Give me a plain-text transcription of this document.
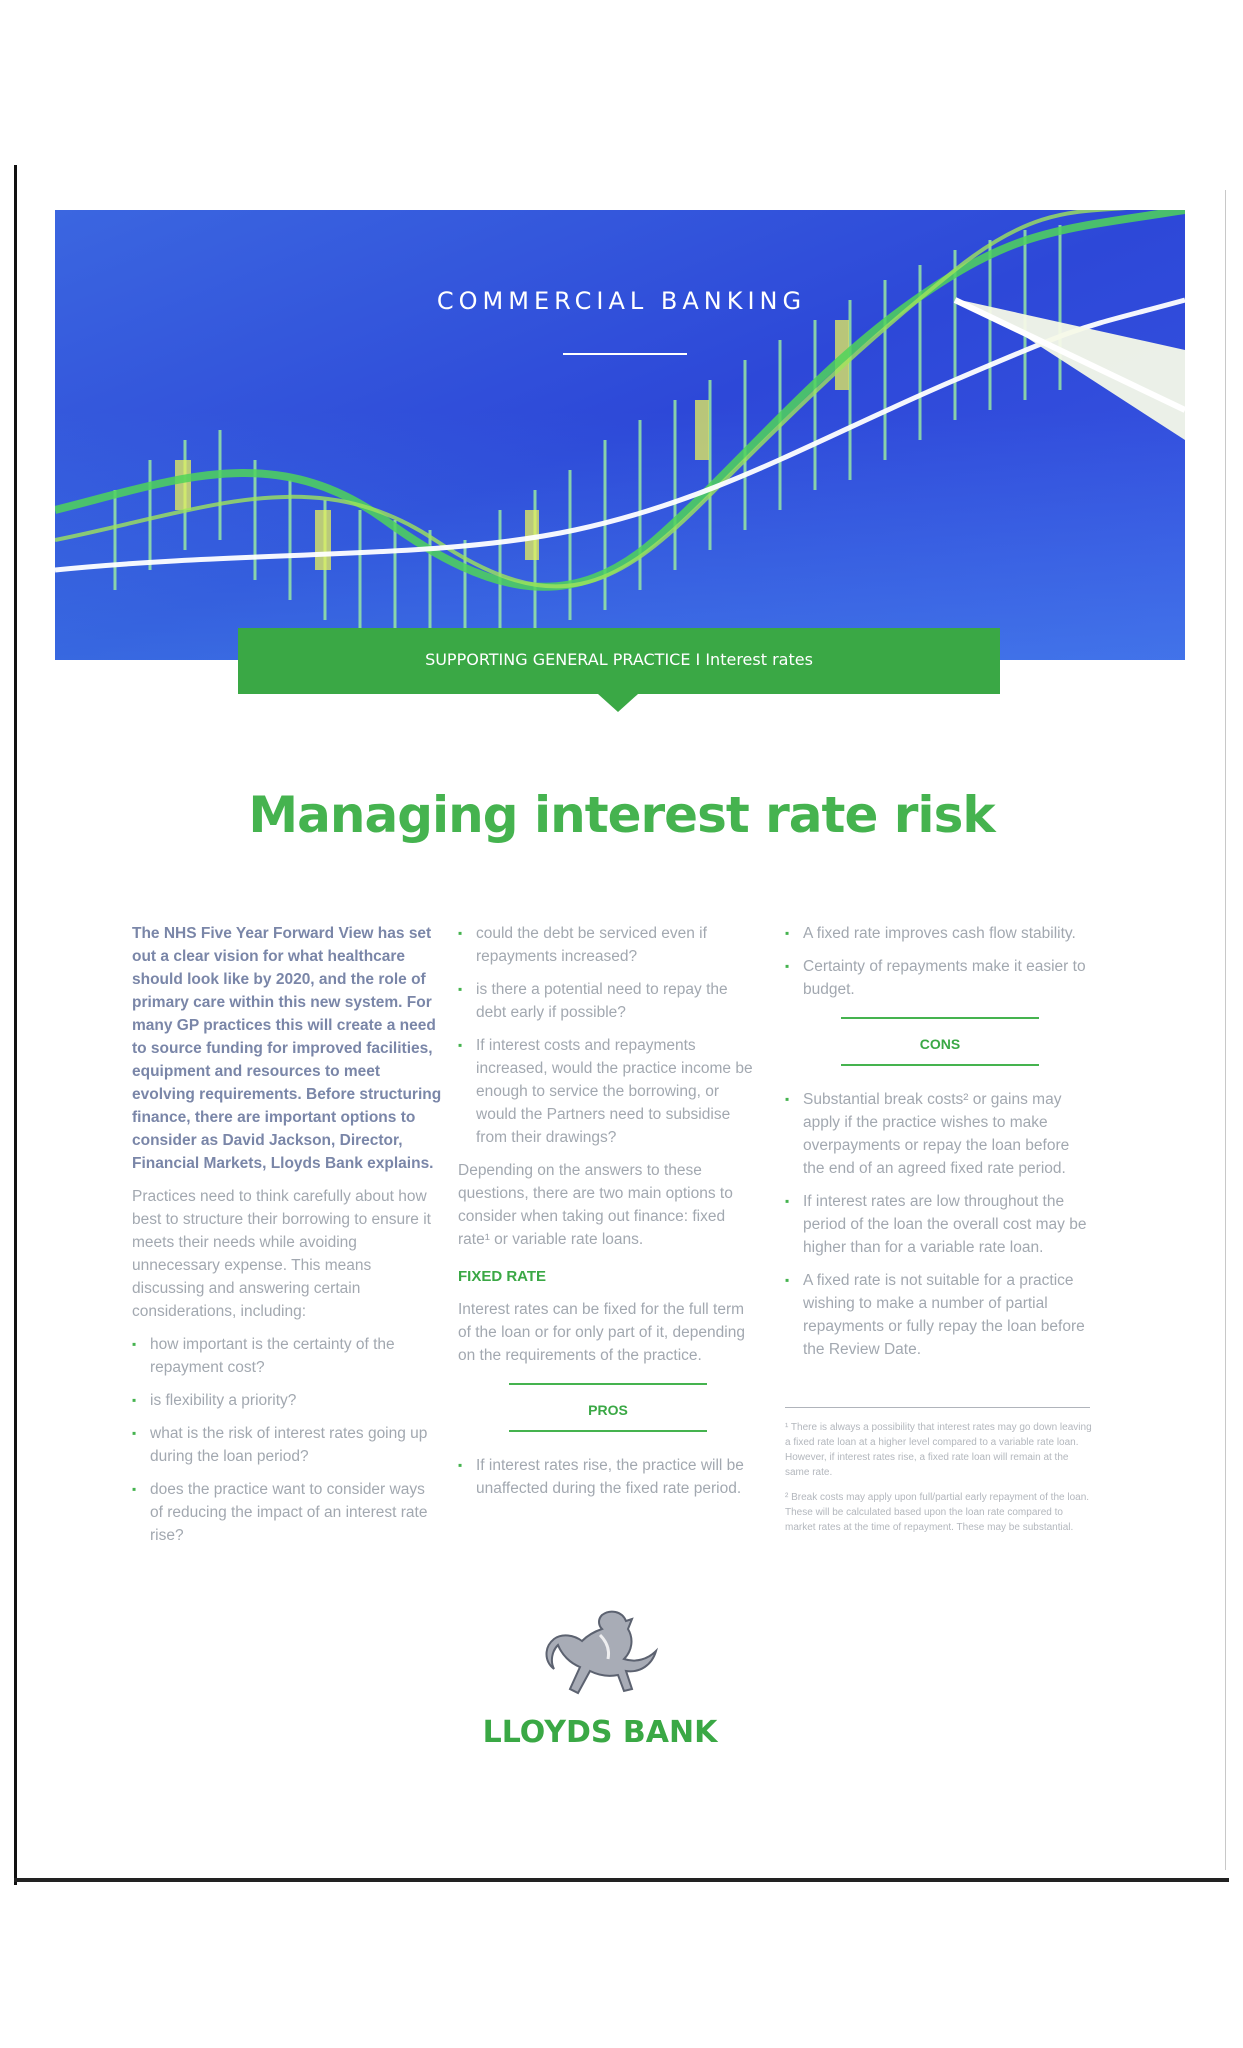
COMMERCIAL BANKING
SUPPORTING GENERAL PRACTICE I Interest rates
Managing interest rate risk

The NHS Five Year Forward View has set out a clear vision for what healthcare should look like by 2020, and the role of primary care within this new system. For many GP practices this will create a need to source funding for improved facilities, equipment and resources to meet evolving requirements. Before structuring finance, there are important options to consider as David Jackson, Director, Financial Markets, Lloyds Bank explains.

Practices need to think carefully about how best to structure their borrowing to ensure it meets their needs while avoiding unnecessary expense. This means discussing and answering certain considerations, including:

▪ how important is the certainty of the repayment cost?
▪ is flexibility a priority?
▪ what is the risk of interest rates going up during the loan period?
▪ does the practice want to consider ways of reducing the impact of an interest rate rise?
▪ could the debt be serviced even if repayments increased?
▪ is there a potential need to repay the debt early if possible?
▪ If interest costs and repayments increased, would the practice income be enough to service the borrowing, or would the Partners need to subsidise from their drawings?

Depending on the answers to these questions, there are two main options to consider when taking out finance: fixed rate¹ or variable rate loans.

FIXED RATE

Interest rates can be fixed for the full term of the loan or for only part of it, depending on the requirements of the practice.

PROS
▪ If interest rates rise, the practice will be unaffected during the fixed rate period.
▪ A fixed rate improves cash flow stability.
▪ Certainty of repayments make it easier to budget.
CONS
▪ Substantial break costs² or gains may apply if the practice wishes to make overpayments or repay the loan before the end of an agreed fixed rate period.
▪ If interest rates are low throughout the period of the loan the overall cost may be higher than for a variable rate loan.
▪ A fixed rate is not suitable for a practice wishing to make a number of partial repayments or fully repay the loan before the Review Date.

¹ There is always a possibility that interest rates may go down leaving a fixed rate loan at a higher level compared to a variable rate loan. However, if interest rates rise, a fixed rate loan will remain at the same rate.

² Break costs may apply upon full/partial early repayment of the loan. These will be calculated based upon the loan rate compared to market rates at the time of repayment. These may be substantial.

LLOYDS BANK
